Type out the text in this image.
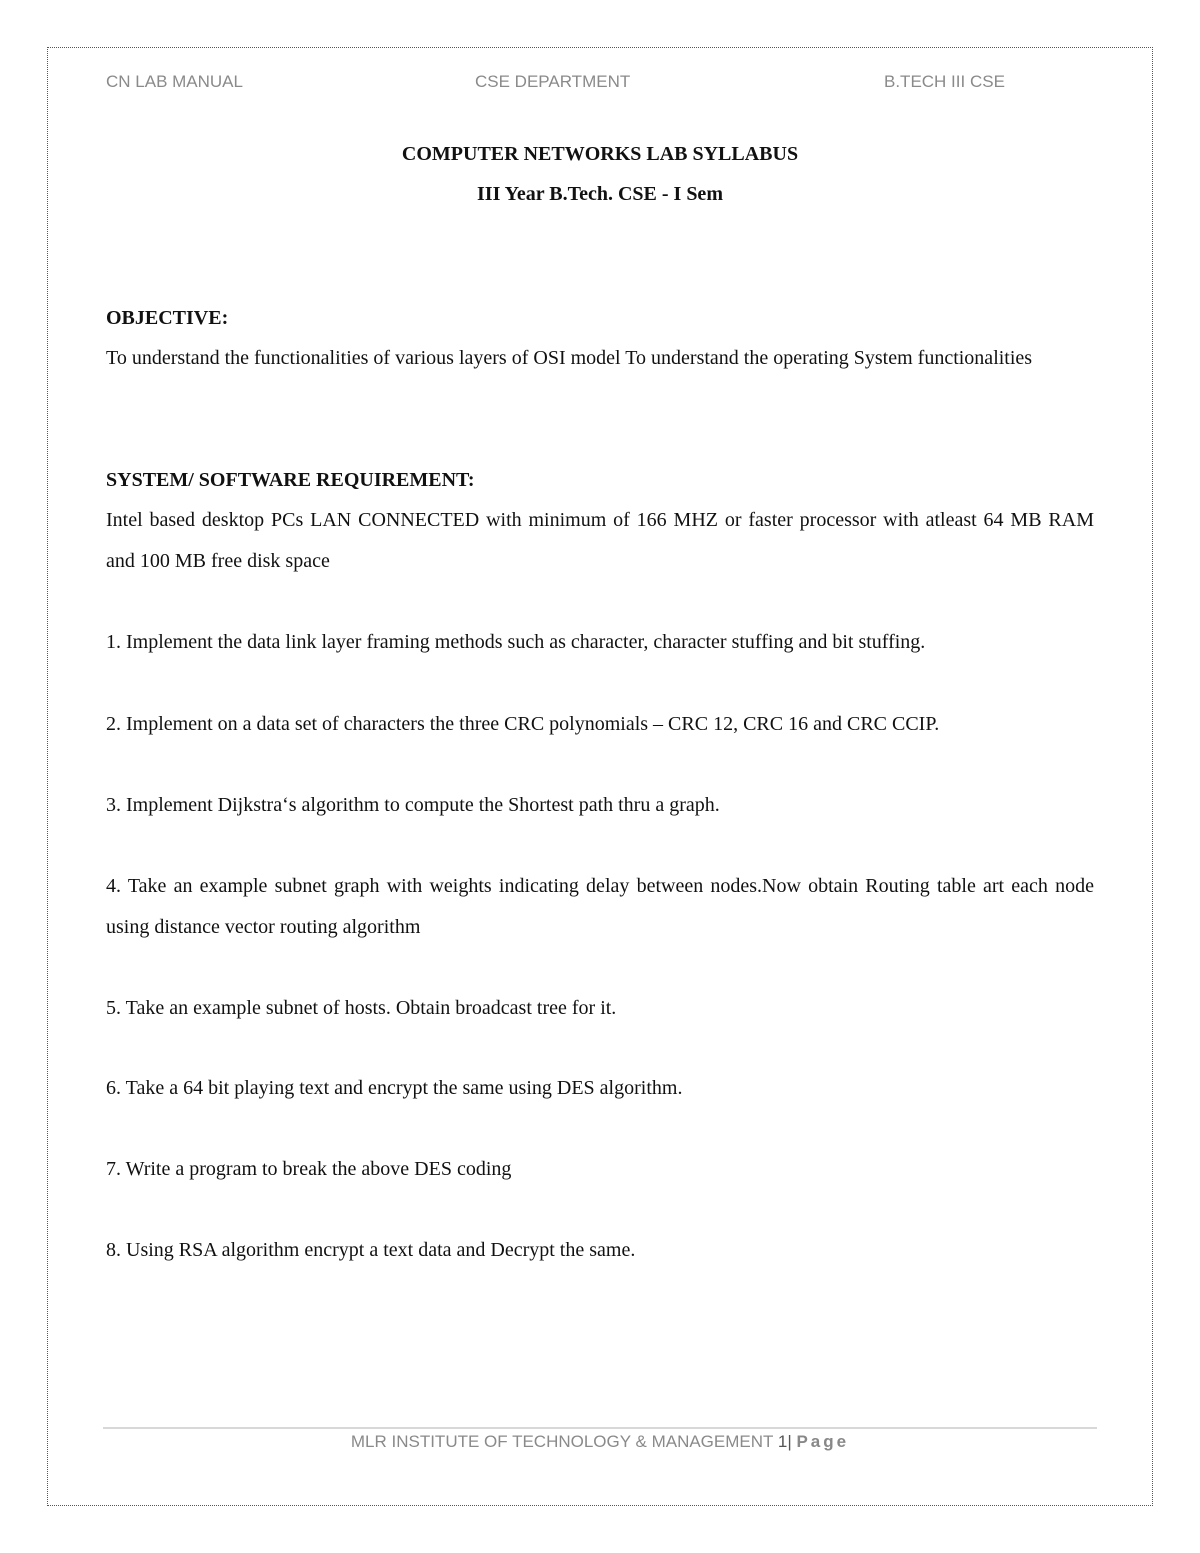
CN LAB MANUAL	CSE DEPARTMENT	B.TECH III CSE
COMPUTER NETWORKS LAB SYLLABUS
III Year B.Tech. CSE - I Sem
OBJECTIVE:
To understand the functionalities of various layers of OSI model To understand the operating System functionalities
SYSTEM/ SOFTWARE REQUIREMENT:
Intel based desktop PCs LAN CONNECTED with minimum of 166 MHZ or faster processor with atleast 64 MB RAM and 100 MB free disk space
1. Implement the data link layer framing methods such as character, character stuffing and bit stuffing.
2. Implement on a data set of characters the three CRC polynomials – CRC 12, CRC 16 and CRC CCIP.
3. Implement Dijkstra‘s algorithm to compute the Shortest path thru a graph.
4. Take an example subnet graph with weights indicating delay between nodes.Now obtain Routing table art each node using distance vector routing algorithm
5. Take an example subnet of hosts. Obtain broadcast tree for it.
6. Take a 64 bit playing text and encrypt the same using DES algorithm.
7. Write a program to break the above DES coding
8. Using RSA algorithm encrypt a text data and Decrypt the same.
MLR INSTITUTE OF TECHNOLOGY & MANAGEMENT 1| Page
